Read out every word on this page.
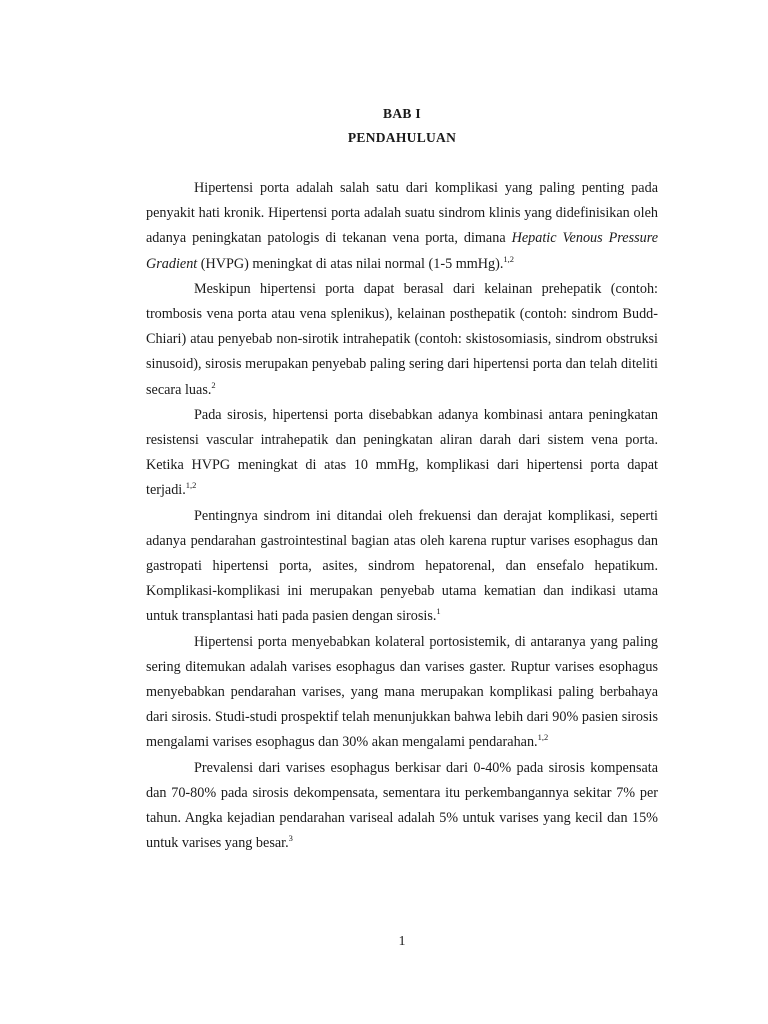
BAB I
PENDAHULUAN

Hipertensi porta adalah salah satu dari komplikasi yang paling penting pada penyakit hati kronik. Hipertensi porta adalah suatu sindrom klinis yang didefinisikan oleh adanya peningkatan patologis di tekanan vena porta, dimana Hepatic Venous Pressure Gradient (HVPG) meningkat di atas nilai normal (1-5 mmHg).$^{1,2}$

Meskipun hipertensi porta dapat berasal dari kelainan prehepatik (contoh: trombosis vena porta atau vena splenikus), kelainan posthepatik (contoh: sindrom Budd-Chiari) atau penyebab non-sirotik intrahepatik (contoh: skistosomiasis, sindrom obstruksi sinusoid), sirosis merupakan penyebab paling sering dari hipertensi porta dan telah diteliti secara luas.$^2$

Pada sirosis, hipertensi porta disebabkan adanya kombinasi antara peningkatan resistensi vascular intrahepatik dan peningkatan aliran darah dari sistem vena porta. Ketika HVPG meningkat di atas 10 mmHg, komplikasi dari hipertensi porta dapat terjadi.$^{1,2}$

Pentingnya sindrom ini ditandai oleh frekuensi dan derajat komplikasi, seperti adanya pendarahan gastrointestinal bagian atas oleh karena ruptur varises esophagus dan gastropati hipertensi porta, asites, sindrom hepatorenal, dan ensefalo hepatikum. Komplikasi-komplikasi ini merupakan penyebab utama kematian dan indikasi utama untuk transplantasi hati pada pasien dengan sirosis.$^1$

Hipertensi porta menyebabkan kolateral portosistemik, di antaranya yang paling sering ditemukan adalah varises esophagus dan varises gaster. Ruptur varises esophagus menyebabkan pendarahan varises, yang mana merupakan komplikasi paling berbahaya dari sirosis. Studi-studi prospektif telah menunjukkan bahwa lebih dari 90% pasien sirosis mengalami varises esophagus dan 30% akan mengalami pendarahan.$^{1,2}$

Prevalensi dari varises esophagus berkisar dari 0-40% pada sirosis kompensata dan 70-80% pada sirosis dekompensata, sementara itu perkembangannya sekitar 7% per tahun. Angka kejadian pendarahan variseal adalah 5% untuk varises yang kecil dan 15% untuk varises yang besar.$^3$

1
